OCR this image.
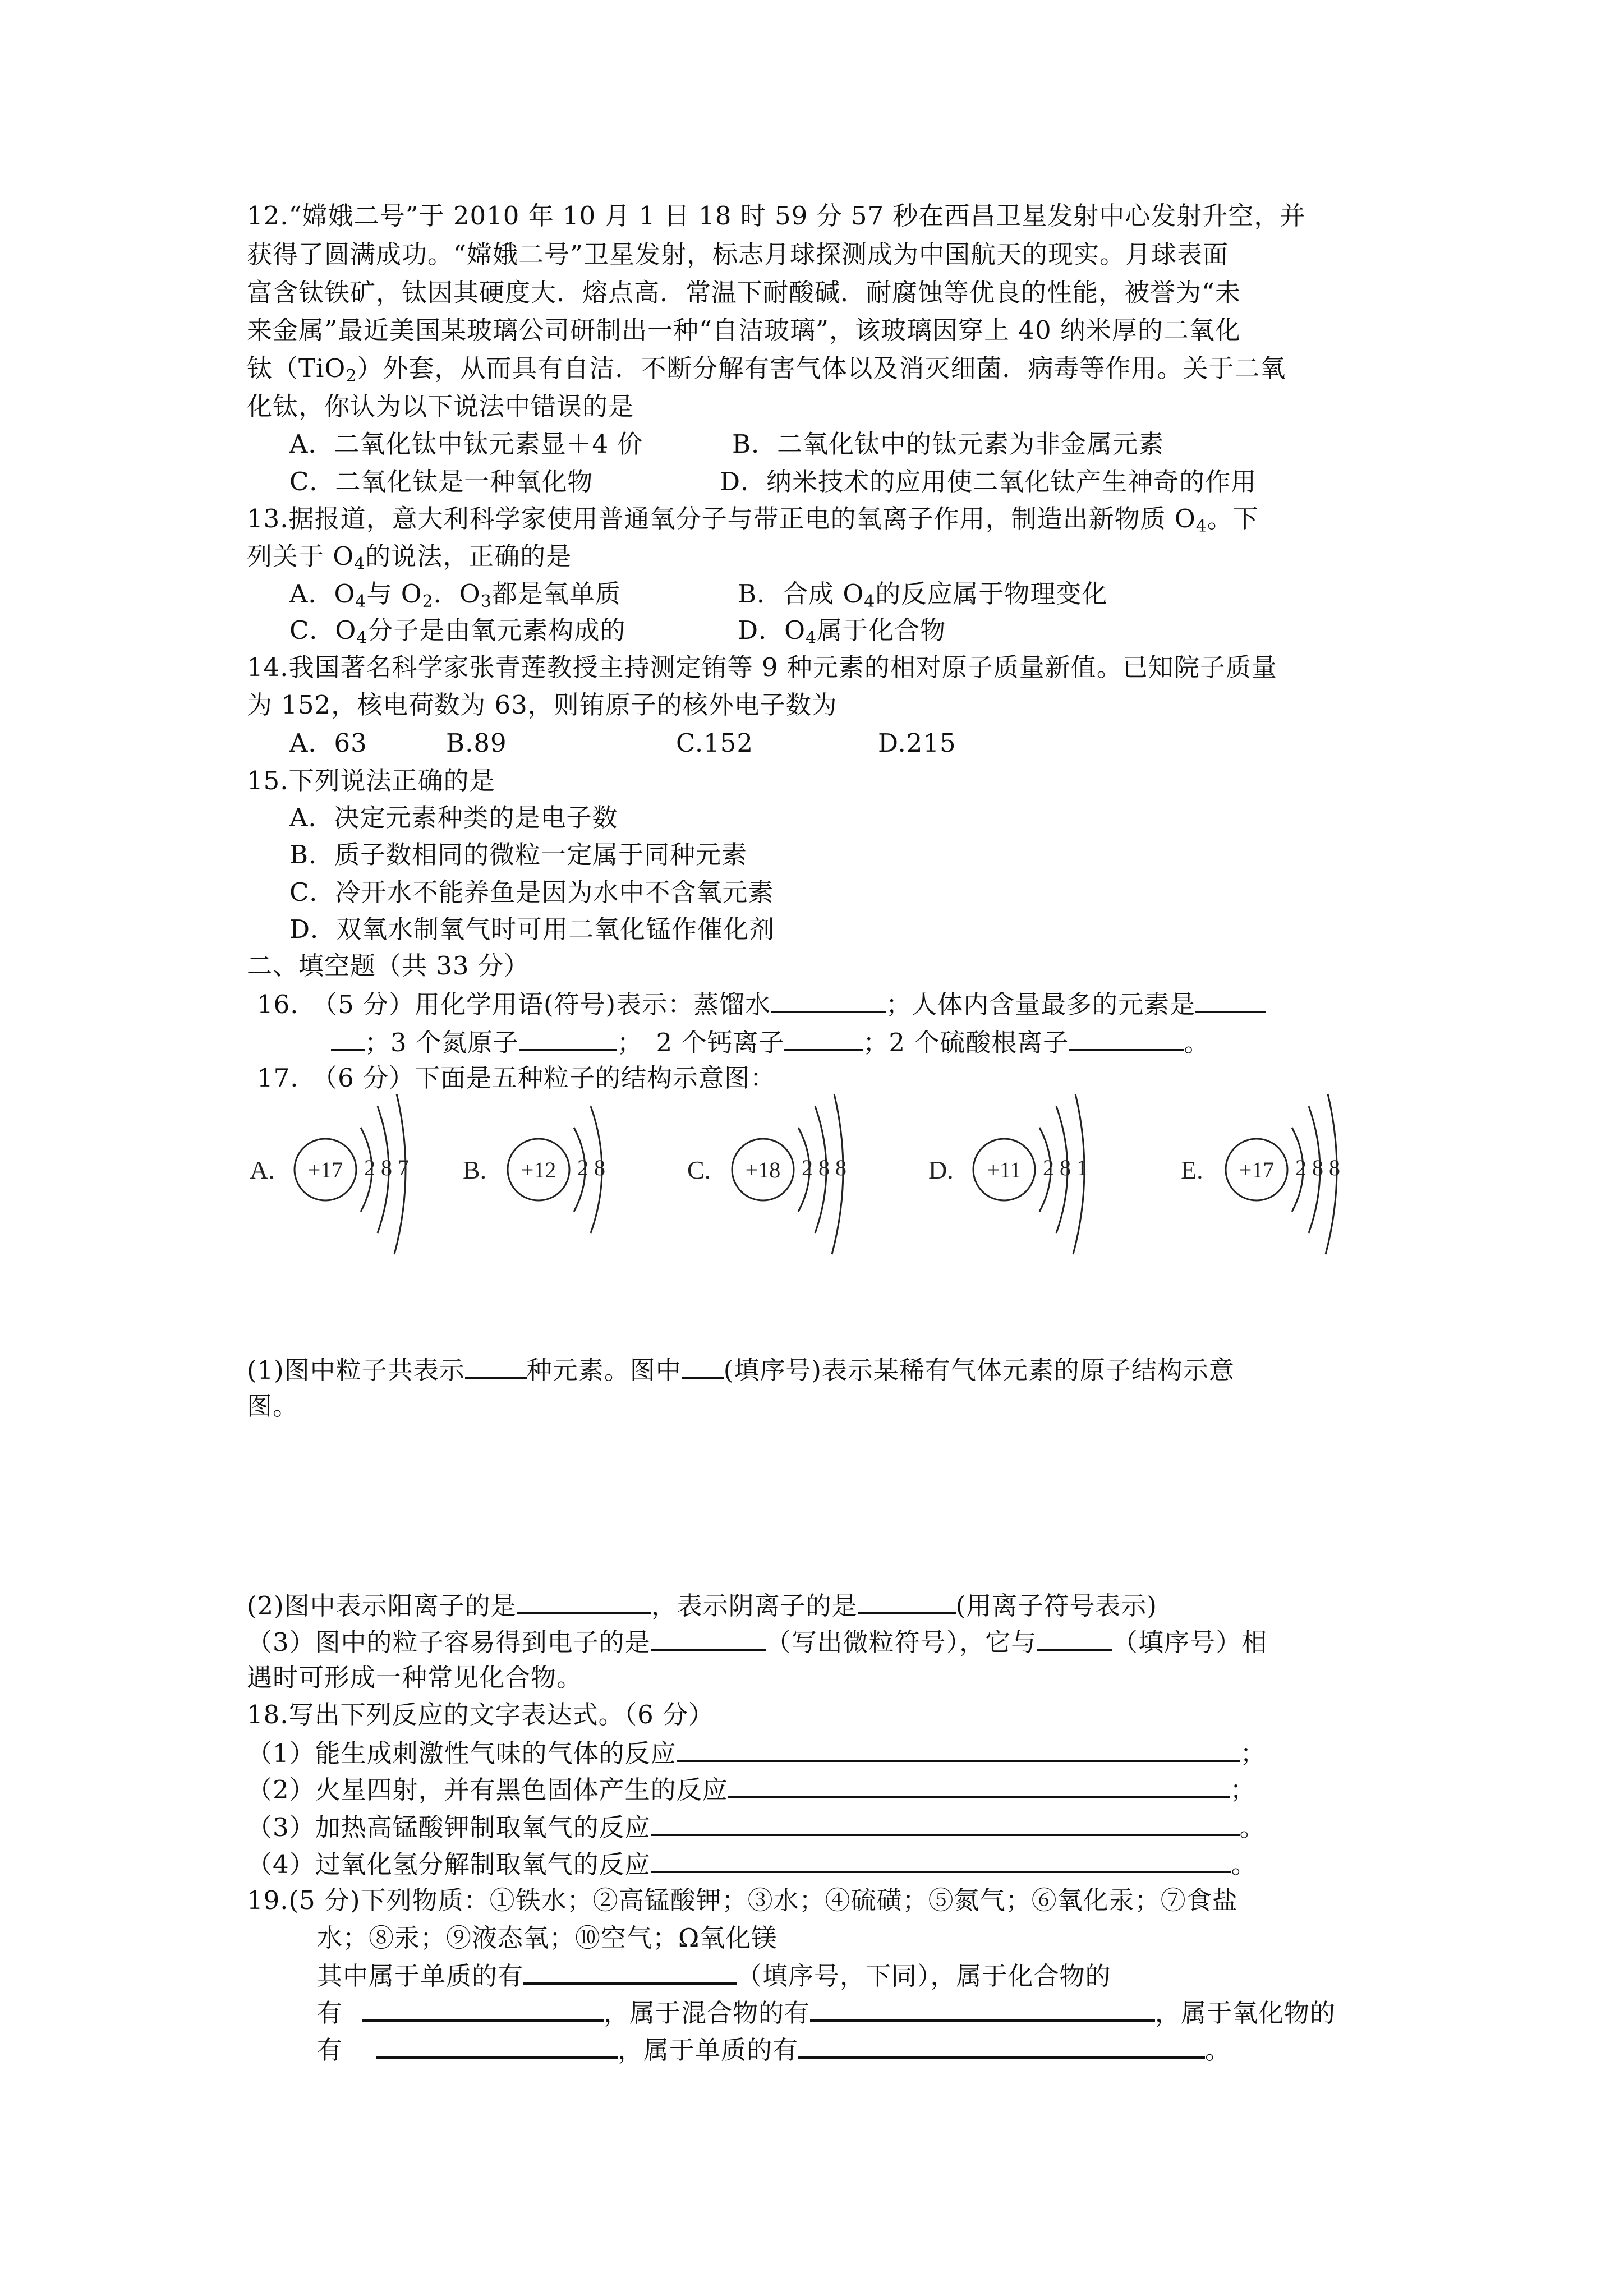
12.“嫦娥二号”于 2010 年 10 月 1 日 18 时 59 分 57 秒在西昌卫星发射中心发射升空，并
获得了圆满成功。“嫦娥二号”卫星发射，标志月球探测成为中国航天的现实。月球表面
富含钛铁矿，钛因其硬度大．熔点高．常温下耐酸碱．耐腐蚀等优良的性能，被誉为“未
来金属”最近美国某玻璃公司研制出一种“自洁玻璃”，该玻璃因穿上 40 纳米厚的二氧化
钛（TiO$_2$）外套，从而具有自洁．不断分解有害气体以及消灭细菌．病毒等作用。关于二氧
化钛，你认为以下说法中错误的是
A．二氧化钛中钛元素显＋4 价	B．二氧化钛中的钛元素为非金属元素
C．二氧化钛是一种氧化物	D．纳米技术的应用使二氧化钛产生神奇的作用
13.据报道，意大利科学家使用普通氧分子与带正电的氧离子作用，制造出新物质 $O_4$。下
列关于 $O_4$的说法，正确的是
A．$O_4$与 $O_2$．$O_3$都是氧单质	B．合成 $O_4$的反应属于物理变化
C．$O_4$分子是由氧元素构成的	D．$O_4$属于化合物
14.我国著名科学家张青莲教授主持测定铕等 9 种元素的相对原子质量新值。已知院子质量
为 152，核电荷数为 63，则铕原子的核外电子数为
A．63	B.89	C.152	D.215
15.下列说法正确的是
A．决定元素种类的是电子数
B．质子数相同的微粒一定属于同种元素
C．冷开水不能养鱼是因为水中不含氧元素
D．双氧水制氧气时可用二氧化锰作催化剂
二、填空题（共 33 分）
16.　（5 分）用化学用语(符号)表示：蒸馏水	；人体内含量最多的元素是
；3 个氮原子	；　2 个钙离子	；2 个硫酸根离子	。
17.　（6 分）下面是五种粒子的结构示意图：
A. +17 2 8 7 B. +12 2 8	C. +18 2 8 8	D. +11 2 8 1	E. +17 2 8 8
(1)图中粒子共表示 种元素。图中 (填序号)表示某稀有气体元素的原子结构示意
图。
(2)图中表示阳离子的是	，表示阴离子的是	(用离子符号表示)
（3）图中的粒子容易得到电子的是	（写出微粒符号），它与	（填序号）相
遇时可形成一种常见化合物。
18.写出下列反应的文字表达式。（6 分）
（1）能生成刺激性气味的气体的反应	；
（2）火星四射，并有黑色固体产生的反应	；
（3）加热高锰酸钾制取氧气的反应	。
（4）过氧化氢分解制取氧气的反应	。
19.(5 分)下列物质：①铁水；②高锰酸钾；③水；④硫磺；⑤氮气；⑥氧化汞；⑦食盐
水；⑧汞；⑨液态氧；⑩空气；Ω氧化镁
其中属于单质的有	（填序号，下同），属于化合物的
有	，属于混合物的有	，属于氧化物的
有	，属于单质的有	。
